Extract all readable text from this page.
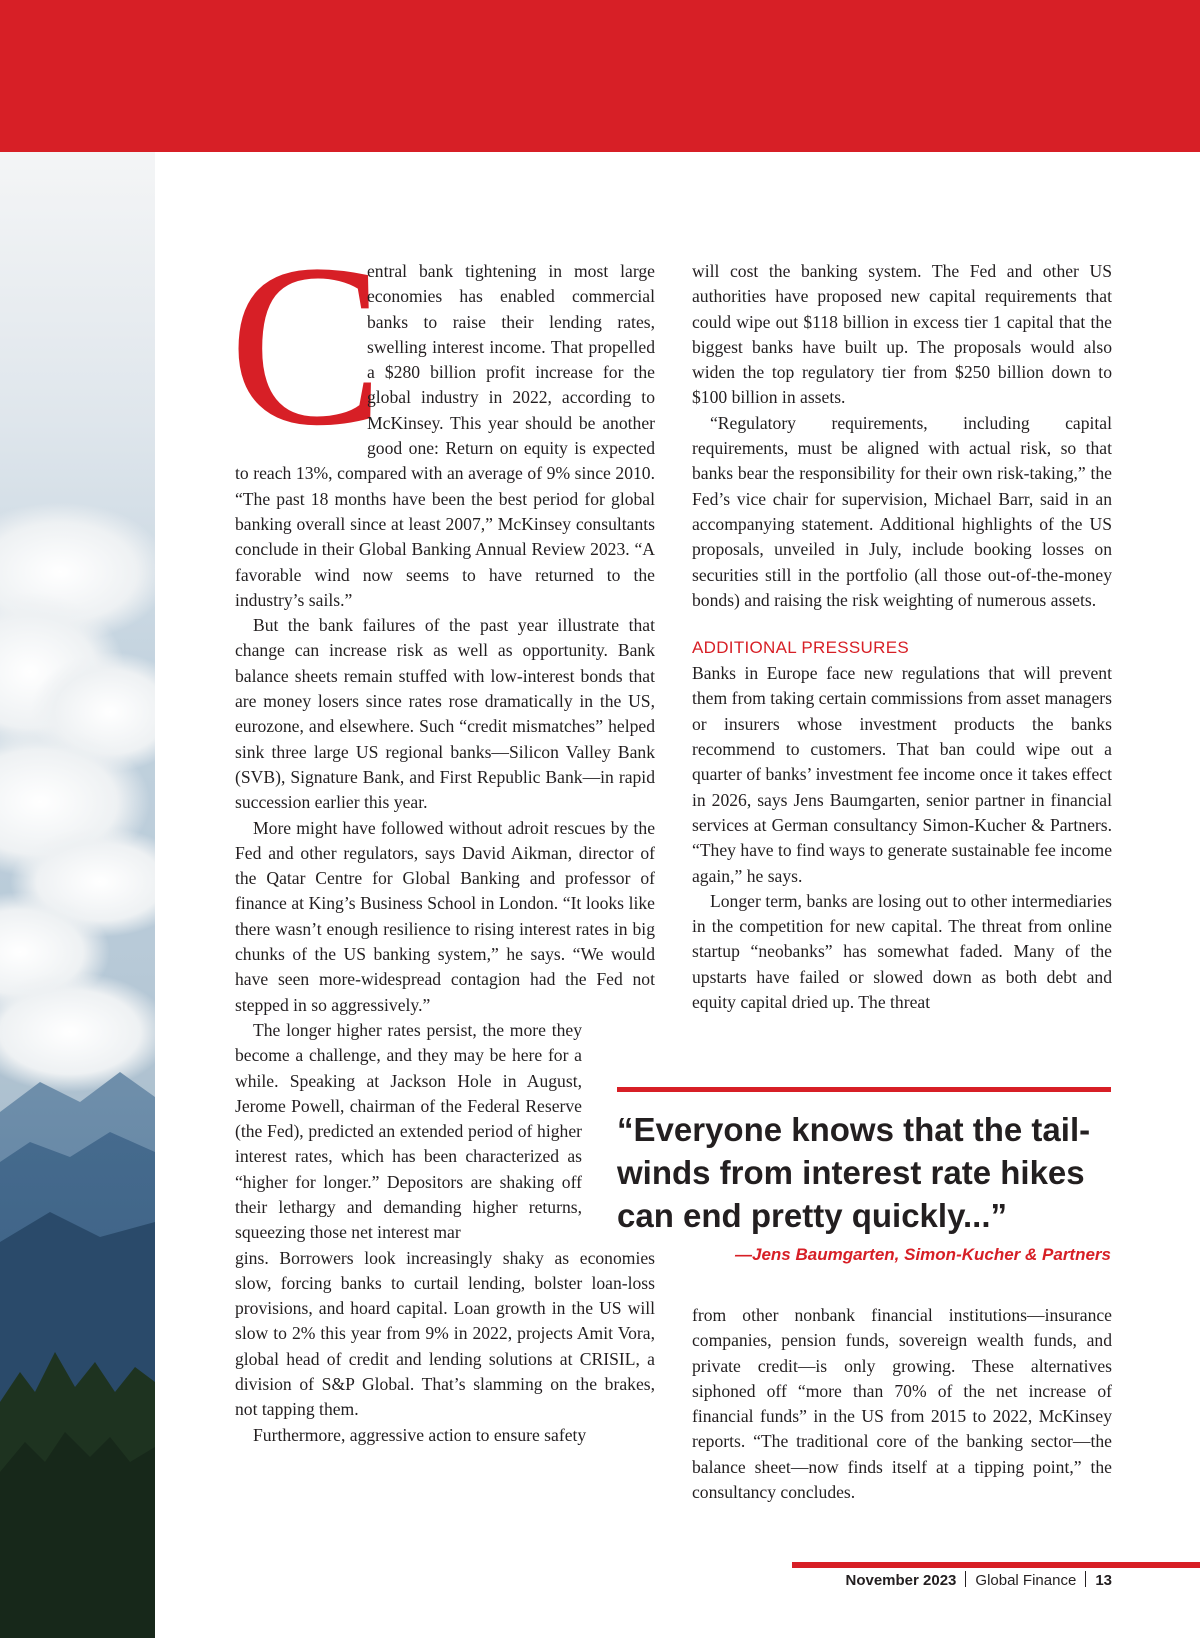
C

entral bank tightening in most large economies has enabled commercial banks to raise their lending rates, swelling interest income. That propelled a $280 billion profit increase for the global industry in 2022, according to McKinsey. This year should be another good one: Return on equity is expected to reach 13%, compared with an average of 9% since 2010. “The past 18 months have been the best period for global banking overall since at least 2007,” McKinsey consultants conclude in their Global Banking Annual Review 2023. “A favorable wind now seems to have returned to the industry’s sails.”

But the bank failures of the past year illustrate that change can increase risk as well as opportunity. Bank balance sheets remain stuffed with low-interest bonds that are money losers since rates rose dramatically in the US, eurozone, and elsewhere. Such “credit mismatches” helped sink three large US regional banks—Silicon Valley Bank (SVB), Signature Bank, and First Republic Bank—in rapid succession earlier this year.

More might have followed without adroit rescues by the Fed and other regulators, says David Aikman, director of the Qatar Centre for Global Banking and professor of finance at King’s Business School in London. “It looks like there wasn’t enough resilience to rising interest rates in big chunks of the US banking system,” he says. “We would have seen more-widespread contagion had the Fed not stepped in so aggressively.”

The longer higher rates persist, the more they become a challenge, and they may be here for a while. Speaking at Jackson Hole in August, Jerome Powell, chairman of the Federal Reserve (the Fed), predicted an extended period of higher interest rates, which has been characterized as “higher for longer.” Depositors are shaking off their lethargy and demanding higher returns, squeezing those net interest mar

gins. Borrowers look increasingly shaky as economies slow, forcing banks to curtail lending, bolster loan-loss provisions, and hoard capital. Loan growth in the US will slow to 2% this year from 9% in 2022, projects Amit Vora, global head of credit and lending solutions at CRISIL, a division of S&P Global. That’s slamming on the brakes, not tapping them.

Furthermore, aggressive action to ensure safety

will cost the banking system. The Fed and other US authorities have proposed new capital requirements that could wipe out $118 billion in excess tier 1 capital that the biggest banks have built up. The proposals would also widen the top regulatory tier from $250 billion down to $100 billion in assets.

“Regulatory requirements, including capital requirements, must be aligned with actual risk, so that banks bear the responsibility for their own risk-taking,” the Fed’s vice chair for supervision, Michael Barr, said in an accompanying statement. Additional highlights of the US proposals, unveiled in July, include booking losses on securities still in the portfolio (all those out-of-the-money bonds) and raising the risk weighting of numerous assets.

ADDITIONAL PRESSURES

Banks in Europe face new regulations that will prevent them from taking certain commissions from asset managers or insurers whose investment products the banks recommend to customers. That ban could wipe out a quarter of banks’ investment fee income once it takes effect in 2026, says Jens Baumgarten, senior partner in financial services at German consultancy Simon-Kucher & Partners. “They have to find ways to generate sustainable fee income again,” he says.

Longer term, banks are losing out to other intermediaries in the competition for new capital. The threat from online startup “neobanks” has somewhat faded. Many of the upstarts have failed or slowed down as both debt and equity capital dried up. The threat

“Everyone knows that the tail-winds from interest rate hikes can end pretty quickly...”

—Jens Baumgarten, Simon-Kucher & Partners

from other nonbank financial institutions—insurance companies, pension funds, sovereign wealth funds, and private credit—is only growing. These alternatives siphoned off “more than 70% of the net increase of financial funds” in the US from 2015 to 2022, McKinsey reports. “The traditional core of the banking sector—the balance sheet—now finds itself at a tipping point,” the consultancy concludes.

November 2023 Global Finance 13
